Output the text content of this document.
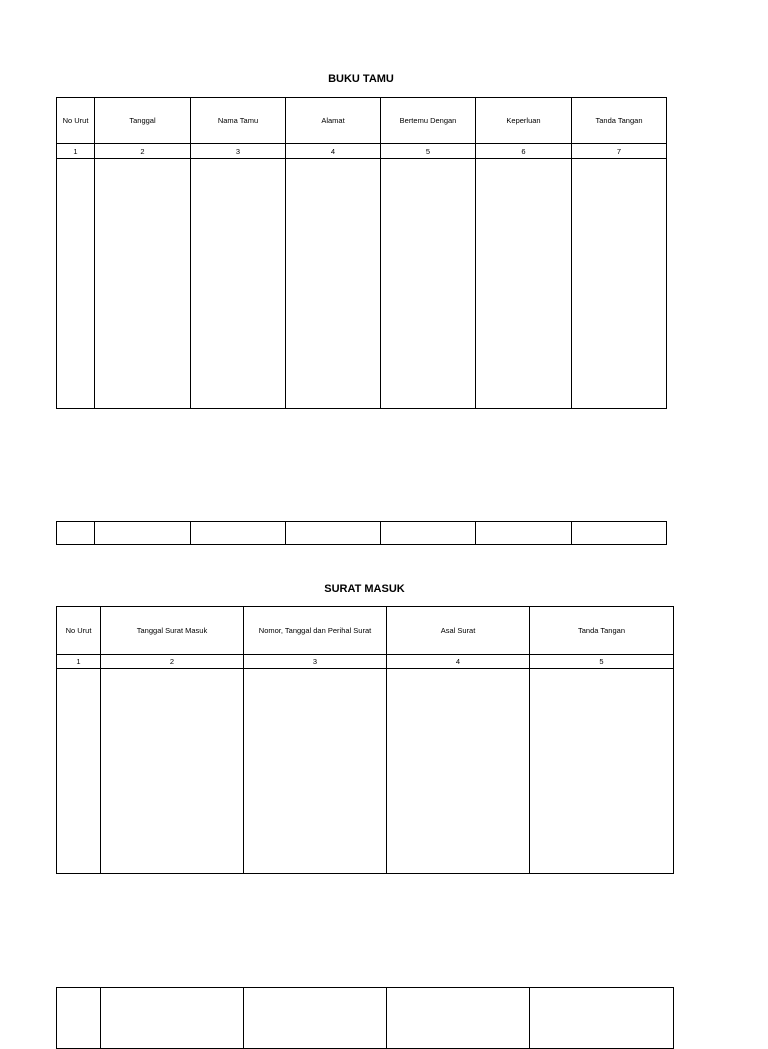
BUKU TAMU
No Urut	Tanggal	Nama Tamu	Alamat	Bertemu Dengan	Keperluan	Tanda Tangan
1	2	3	4	5	6	7

SURAT MASUK
No Urut	Tanggal Surat Masuk	Nomor, Tanggal dan Perihal Surat	Asal Surat	Tanda Tangan
1	2	3	4	5
